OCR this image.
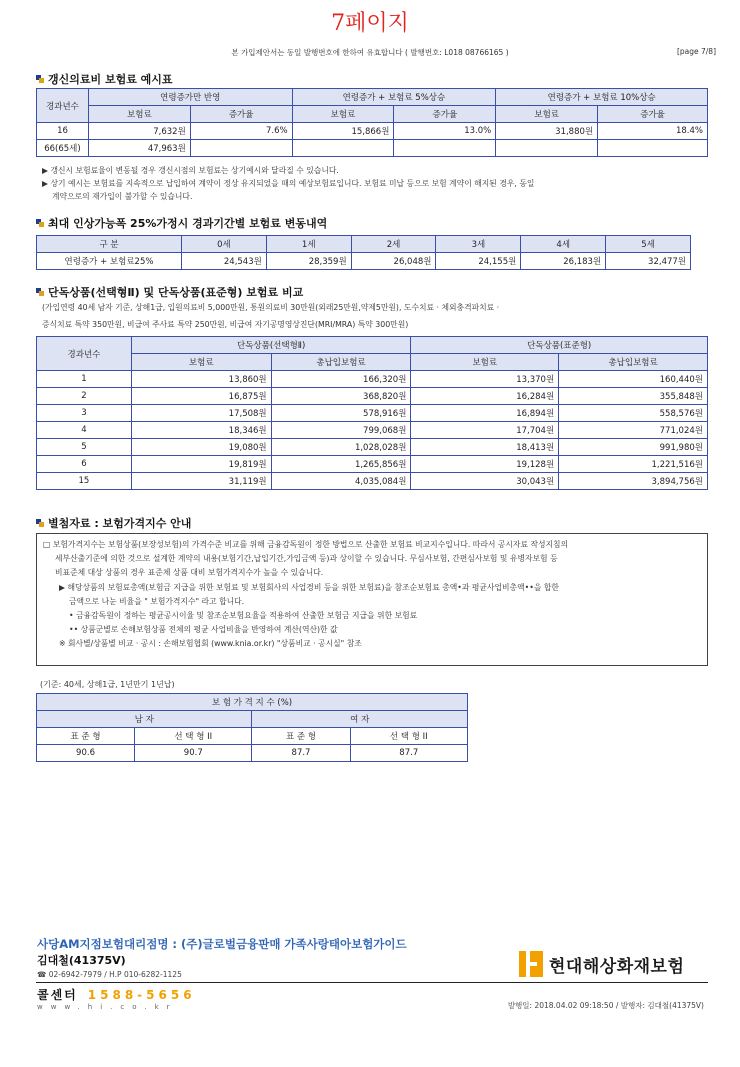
7페이지
본 가입제안서는 동일 발행번호에 한하여 유효합니다 ( 발행번호: L018 08766165 )	[page 7/8]
갱신의료비 보험료 예시표
경과년수	연령증가만 반영		연령증가 + 보험료 5%상승		연령증가 + 보험료 10%상승	
	보험료	증가율	보험료	증가율	보험료	증가율
16	7,632원	7.6%	15,866원	13.0%	31,880원	18.4%
66(65세)	47,963원					
▶ 갱신시 보험료율이 변동될 경우 갱신시점의 보험료는 상기예시와 달라질 수 있습니다.
▶ 상기 예시는 보험료를 지속적으로 납입하여 계약이 정상 유지되었을 때의 예상보험료입니다. 보험료 미납 등으로 보험 계약이 해지된 경우, 동일
계약으로의 재가입이 불가할 수 있습니다.
최대 인상가능폭 25%가정시 경과기간별 보험료 변동내역
구 분	0세	1세	2세	3세	4세	5세
연령증가 + 보험료25%	24,543원	28,359원	26,048원	24,155원	26,183원	32,477원
단독상품(선택형Ⅱ) 및 단독상품(표준형) 보험료 비교
(가입연령 40세 남자 기준, 상해1급, 입원의료비 5,000만원, 통원의료비 30만원(외래25만원,약제5만원), 도수치료 · 체외충격파치료 ·
증식치료 특약 350만원, 비급여 주사료 특약 250만원, 비급여 자기공명영상진단(MRI/MRA) 특약 300만원)
경과년수	단독상품(선택형Ⅱ)		단독상품(표준형)	
	보험료	총납입보험료	보험료	총납입보험료
1	13,860원	166,320원	13,370원	160,440원
2	16,875원	368,820원	16,284원	355,848원
3	17,508원	578,916원	16,894원	558,576원
4	18,346원	799,068원	17,704원	771,024원
5	19,080원	1,028,028원	18,413원	991,980원
6	19,819원	1,265,856원	19,128원	1,221,516원
15	31,119원	4,035,084원	30,043원	3,894,756원
별첨자료 : 보험가격지수 안내
□ 보험가격지수는 보험상품(보장성보험)의 가격수준 비교를 위해 금융감독원이 정한 방법으로 산출한 보험료 비교지수입니다. 따라서 공시자료 작성지침의
세부산출기준에 의한 것으로 설계한 계약의 내용(보험기간,납입기간,가입금액 등)과 상이할 수 있습니다. 무심사보험, 간편심사보험 및 유병자보험 등
비표준체 대상 상품의 경우 표준체 상품 대비 보험가격지수가 높을 수 있습니다.
▶ 해당상품의 보험료총액(보험금 지급을 위한 보험료 및 보험회사의 사업경비 등을 위한 보험료)을 참조순보험료 총액•과 평균사업비총액••을 합한
금액으로 나눈 비율을 " 보험가격지수" 라고 합니다.
• 금융감독원이 정하는 평균공시이율 및 참조순보험요율을 적용하여 산출한 보험금 지급을 위한 보험료
•• 상품군별로 손해보험상품 전체의 평균 사업비율을 반영하여 계산(역산)한 값
※ 회사별/상품별 비교 · 공시 : 손해보험협회 (www.knia.or.kr) "상품비교 · 공시실" 참조
(기준: 40세, 상해1급, 1년만기 1년납)
보 험 가 격 지 수 (%)			
남 자		여 자	
표 준 형	선 택 형 II	표 준 형	선 택 형 II
90.6	90.7	87.7	87.7
사당AM지점보험대리점명 : (주)글로벌금융판매 가족사랑태아보험가이드
김대철(41375V)
☎ 02-6942-7979 / H.P 010-6282-1125	현대해상화재보험
콜센터 1588-5656
www.hi.co.kr	발행일: 2018.04.02 09:18:50 / 발행자: 김대철(41375V)
